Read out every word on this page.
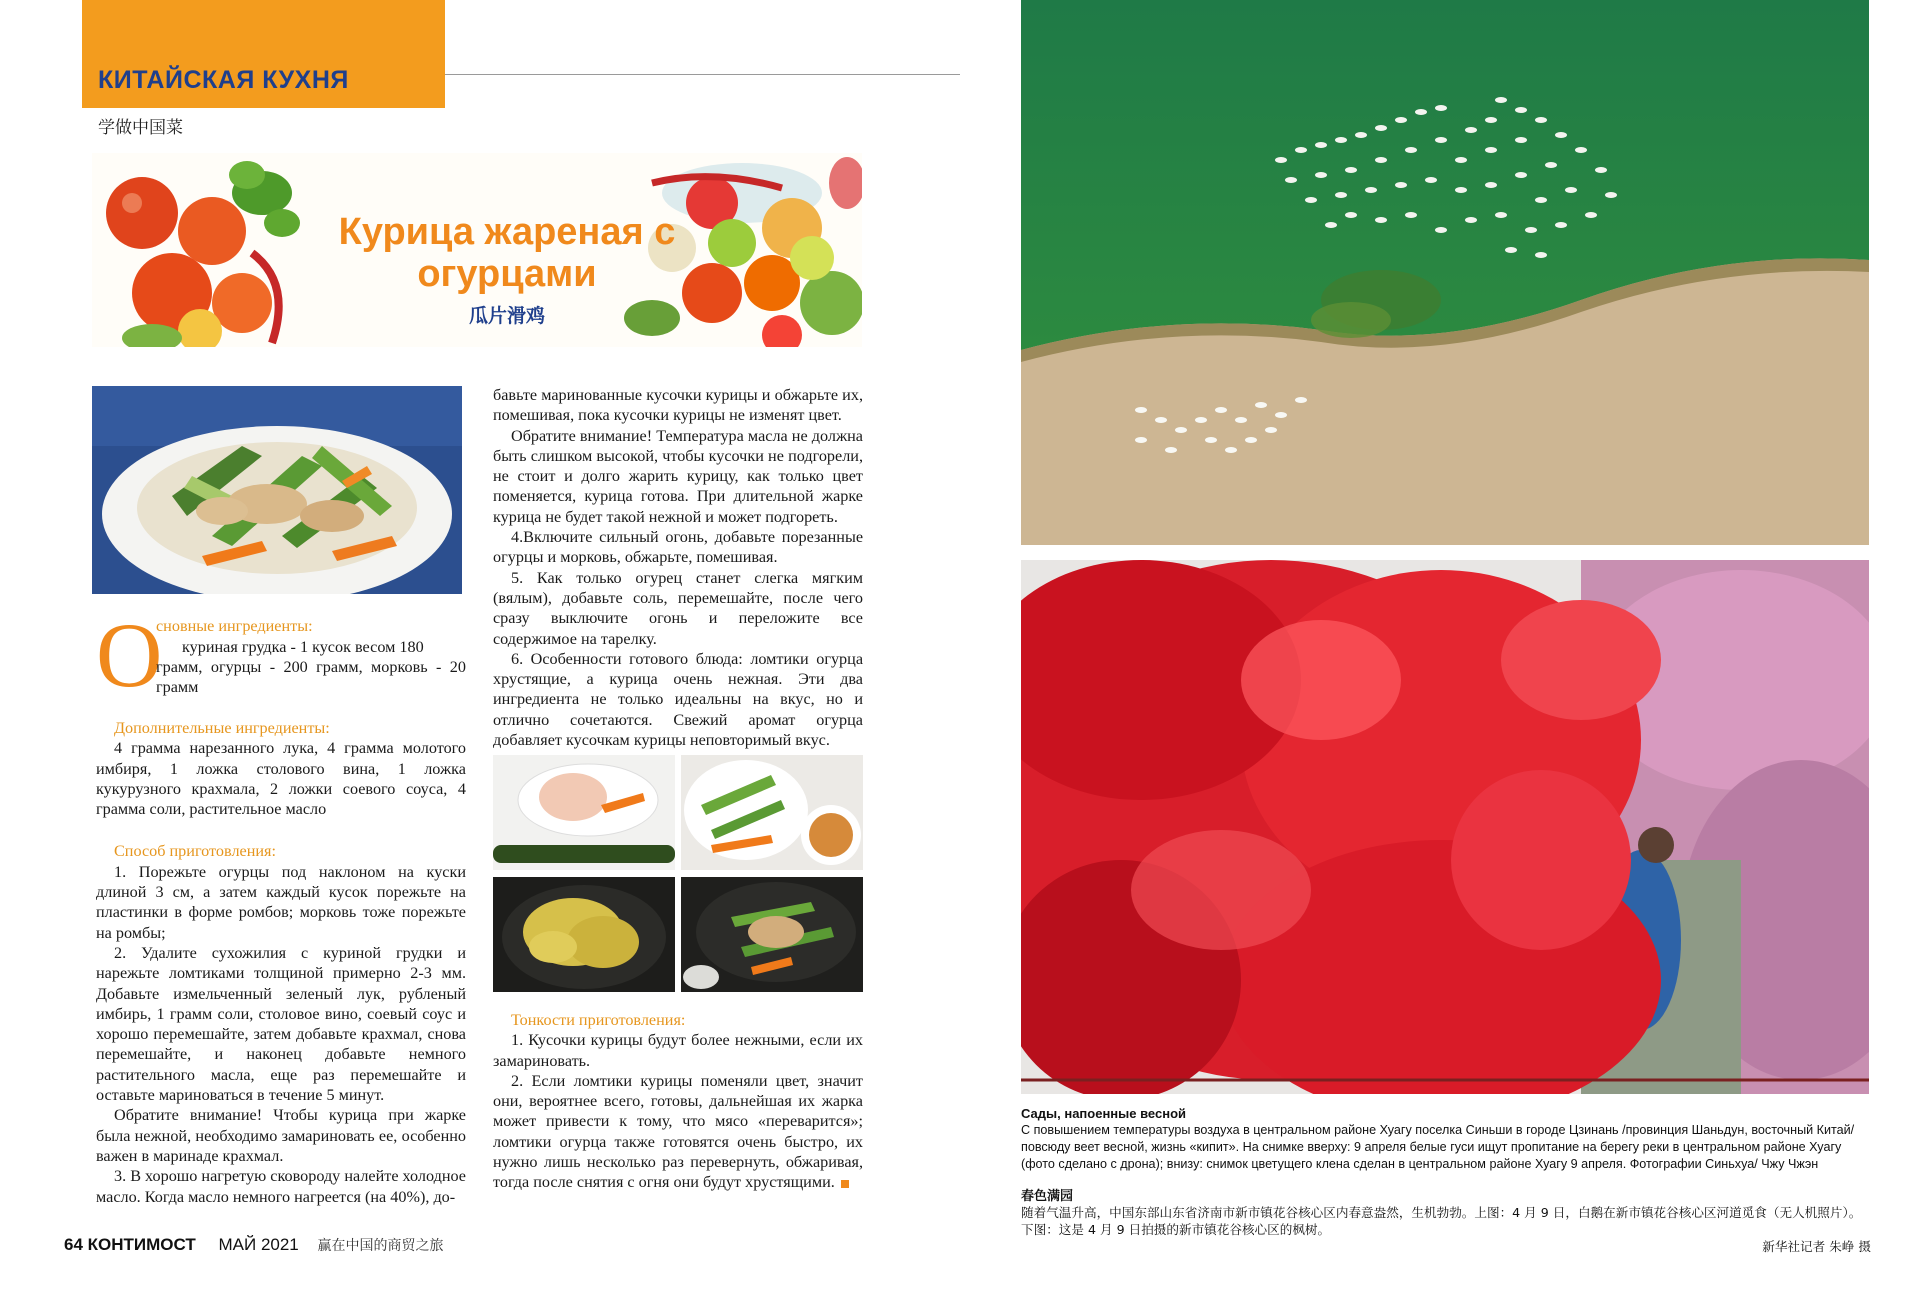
КИТАЙСКАЯ КУХНЯ
学做中国菜
Курица жареная с огурцами
瓜片滑鸡
О
сновные ингредиенты:
куриная грудка - 1 кусок весом 180
грамм, огурцы - 200 грамм, морковь - 20 грамм
Дополнительные ингредиенты:

4 грамма нарезанного лука, 4 грамма молотого имбиря, 1 ложка столового вина, 1 ложка кукурузного крахмала, 2 ложки соевого соуса, 4 грамма соли, растительное масло

Способ приготовления:

1. Порежьте огурцы под наклоном на куски длиной 3 см, а затем каждый кусок порежьте на пластинки в форме ромбов; морковь тоже порежьте на ромбы;

2. Удалите сухожилия с куриной грудки и нарежьте ломтиками толщиной примерно 2-3 мм. Добавьте измельченный зеленый лук, рубленый имбирь, 1 грамм соли, столовое вино, соевый соус и хорошо перемешайте, затем добавьте крахмал, снова перемешайте, и наконец добавьте немного растительного масла, еще раз перемешайте и оставьте мариноваться в течение 5 минут.

Обратите внимание! Чтобы курица при жарке была нежной, необходимо замариновать ее, особенно важен в маринаде крахмал.

3. В хорошо нагретую сковороду налейте холодное масло. Когда масло немного нагреется (на 40%), до-

бавьте маринованные кусочки курицы и обжарьте их, помешивая, пока кусочки курицы не изменят цвет.

Обратите внимание! Температура масла не должна быть слишком высокой, чтобы кусочки не подгорели, не стоит и долго жарить курицу, как только цвет поменяется, курица готова. При длительной жарке курица не будет такой нежной и может подгореть.

4.Включите сильный огонь, добавьте порезанные огурцы и морковь, обжарьте, помешивая.

5. Как только огурец станет слегка мягким (вялым), добавьте соль, перемешайте, после чего сразу выключите огонь и переложите все содержимое на тарелку.

6. Особенности готового блюда: ломтики огурца хрустящие, а курица очень нежная. Эти два ингредиента не только идеальны на вкус, но и отлично сочетаются. Свежий аромат огурца добавляет кусочкам курицы неповторимый вкус.

Тонкости приготовления:

1. Кусочки курицы будут более нежными, если их замариновать.

2. Если ломтики курицы поменяли цвет, значит они, вероятнее всего, готовы, дальнейшая их жарка может привести к тому, что мясо «переварится»; ломтики огурца также готовятся очень быстро, их нужно лишь несколько раз перевернуть, обжаривая, тогда после снятия с огня они будут хрустящими.

64 КОНТИМОСТ МАЙ 2021 赢在中国的商贸之旅
Сады, напоенные весной
С повышением температуры воздуха в центральном районе Хуагу поселка Синьши в городе Цзинань /провинция Шаньдун, восточный Китай/ повсюду веет весной, жизнь «кипит». На снимке вверху: 9 апреля белые гуси ищут пропитание на берегу реки в центральном районе Хуагу (фото сделано с дрона); внизу: снимок цветущего клена сделан в центральном районе Хуагу 9 апреля. Фотографии Синьхуа/ Чжу Чжэн
春色满园
随着气温升高，中国东部山东省济南市新市镇花谷核心区内春意盎然，生机勃勃。上图：4 月 9 日，白鹅在新市镇花谷核心区河道觅食（无人机照片）。下图：这是 4 月 9 日拍摄的新市镇花谷核心区的枫树。
新华社记者 朱峥 摄
